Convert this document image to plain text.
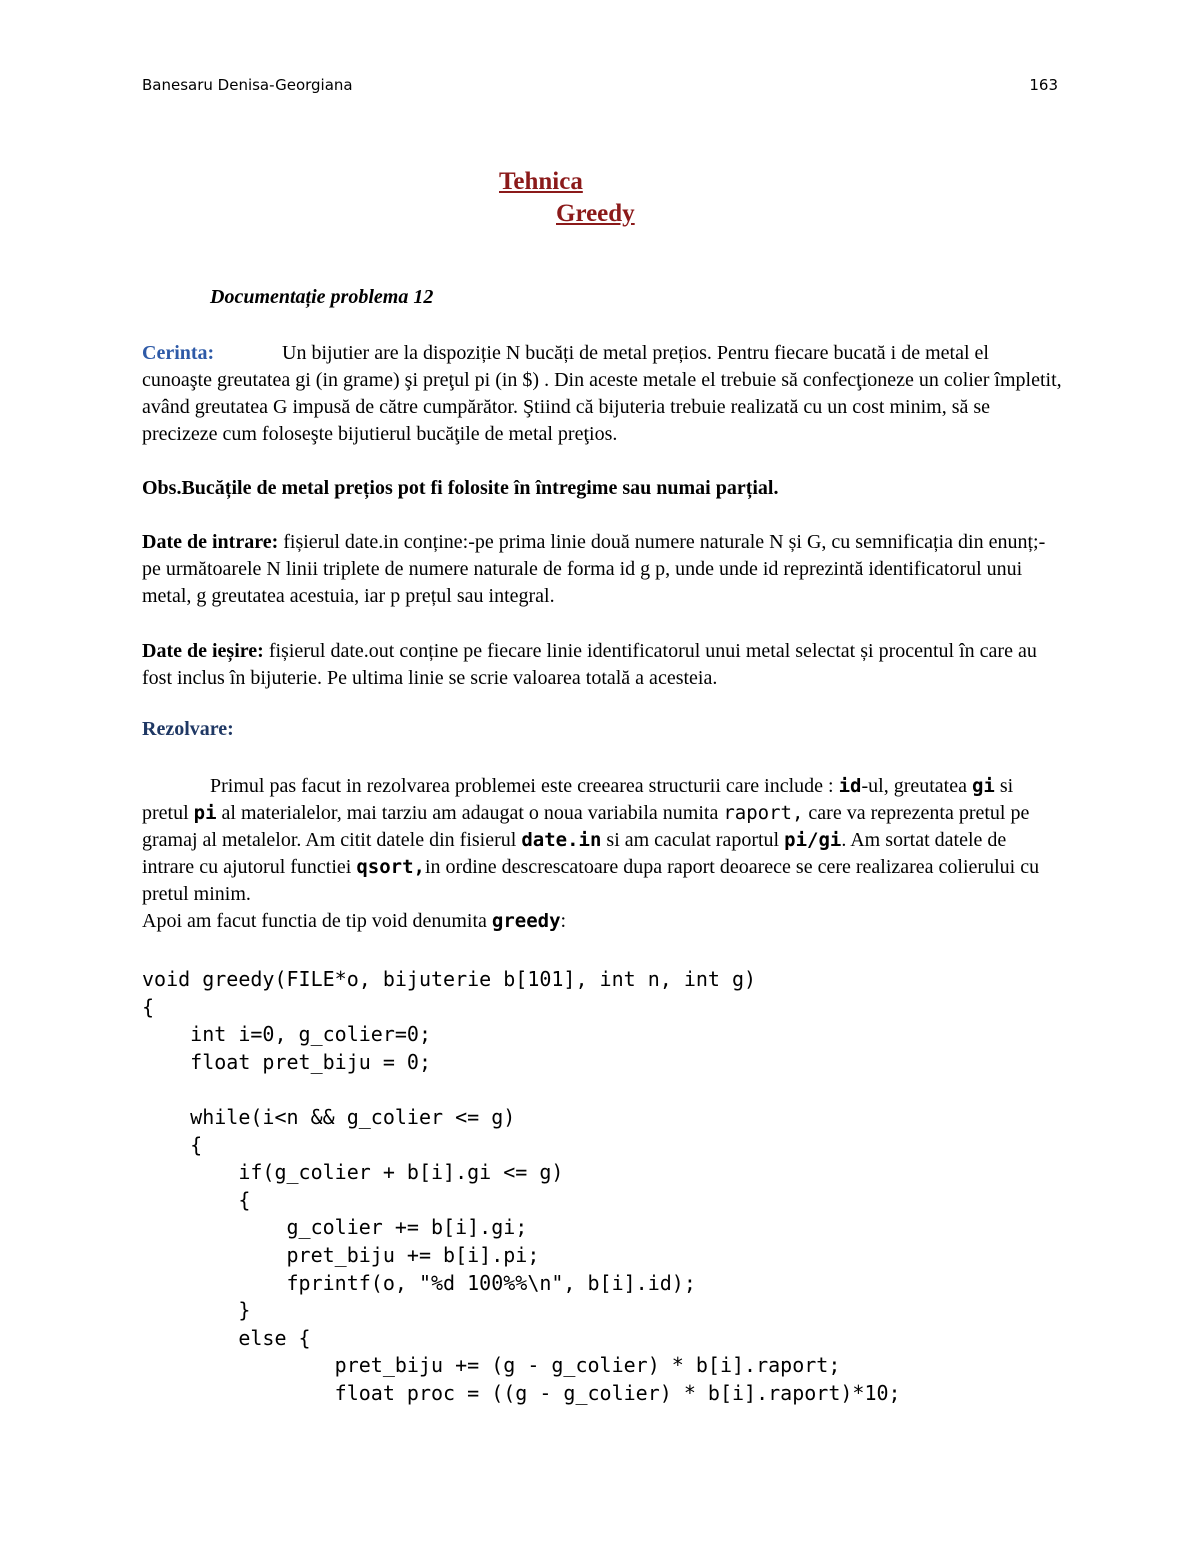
Banesaru Denisa-Georgiana	163
Tehnica
Greedy
Documentație problema 12
Cerinta:	Un bijutier are la dispoziție N bucăți de metal prețios. Pentru fiecare bucată i de metal el cunoaşte greutatea gi (in grame) şi preţul pi (in $) . Din aceste metale el trebuie să confecţioneze un colier împletit, având greutatea G impusă de către cumpărător. Ştiind că bijuteria trebuie realizată cu un cost minim, să se precizeze cum foloseşte bijutierul bucăţile de metal preţios.
Obs.Bucățile de metal prețios pot fi folosite în întregime sau numai parțial.
Date de intrare: fișierul date.in conține:-pe prima linie două numere naturale N și G, cu semnificația din enunț;-pe următoarele N linii triplete de numere naturale de forma id g p, unde unde id reprezintă identificatorul unui metal, g greutatea acestuia, iar p prețul sau integral.
Date de ieșire: fișierul date.out conține pe fiecare linie identificatorul unui metal selectat și procentul în care au fost inclus în bijuterie. Pe ultima linie se scrie valoarea totală a acesteia.
Rezolvare:
Primul pas facut in rezolvarea problemei este creearea structurii care include : id-ul, greutatea gi si pretul pi al materialelor, mai tarziu am adaugat o noua variabila numita raport, care va reprezenta pretul pe gramaj al metalelor. Am citit datele din fisierul date.in si am caculat raportul pi/gi. Am sortat datele de intrare cu ajutorul functiei qsort,in ordine descrescatoare dupa raport deoarece se cere realizarea colierului cu pretul minim.
Apoi am facut functia de tip void denumita greedy:
void greedy(FILE*o, bijuterie b[101], int n, int g)
{
int i=0, g_colier=0;
float pret_biju = 0;

while(i<n && g_colier <= g)
{
if(g_colier + b[i].gi <= g)
{
g_colier += b[i].gi;
pret_biju += b[i].pi;
fprintf(o, "%d 100%%\n", b[i].id);
}
else {
pret_biju += (g - g_colier) * b[i].raport;
float proc = ((g - g_colier) * b[i].raport)*10;
